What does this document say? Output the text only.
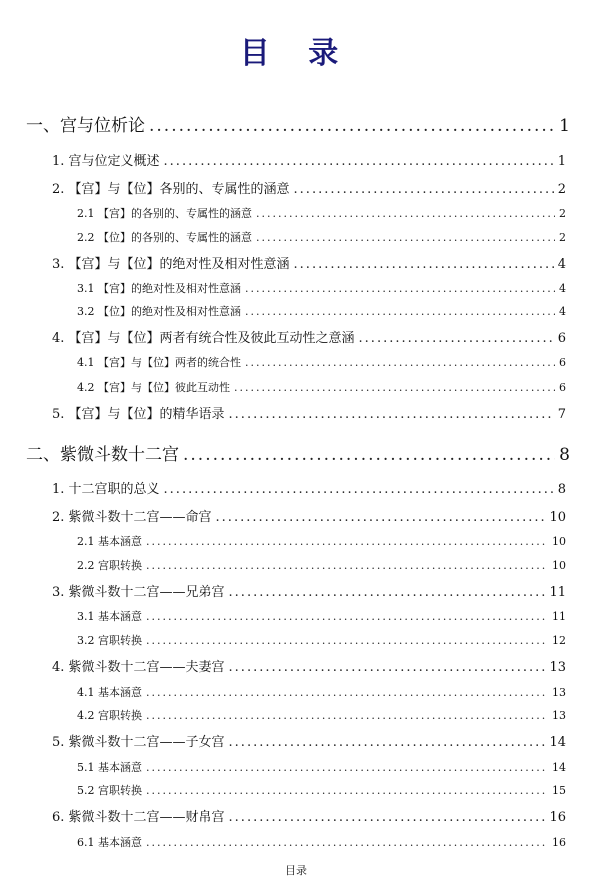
目 录
一、宫与位析论 .....	1
1. 宫与位定义概述 .....	1
2. 【宫】与【位】各别的、专属性的涵意 .....	2
2.1 【宫】的各别的、专属性的涵意 .....	2
2.2 【位】的各别的、专属性的涵意 .....	2
3. 【宫】与【位】的绝对性及相对性意涵 .....	4
3.1 【宫】的绝对性及相对性意涵 .....	4
3.2 【位】的绝对性及相对性意涵 .....	4
4. 【宫】与【位】两者有统合性及彼此互动性之意涵 .....	6
4.1 【宫】与【位】两者的统合性 .....	6
4.2 【宫】与【位】彼此互动性 .....	6
5. 【宫】与【位】的精华语录 .....	7
二、紫微斗数十二宫 .....	8
1. 十二宫职的总义 .....	8
2. 紫微斗数十二宫——命宫 .....	10
2.1 基本涵意 .....	10
2.2 宫职转换 .....	10
3. 紫微斗数十二宫——兄弟宫 .....	11
3.1 基本涵意 .....	11
3.2 宫职转换 .....	12
4. 紫微斗数十二宫——夫妻宫 .....	13
4.1 基本涵意 .....	13
4.2 宫职转换 .....	13
5. 紫微斗数十二宫——子女宫 .....	14
5.1 基本涵意 .....	14
5.2 宫职转换 .....	15
6. 紫微斗数十二宫——财帛宫 .....	16
6.1 基本涵意 .....	16
目录
